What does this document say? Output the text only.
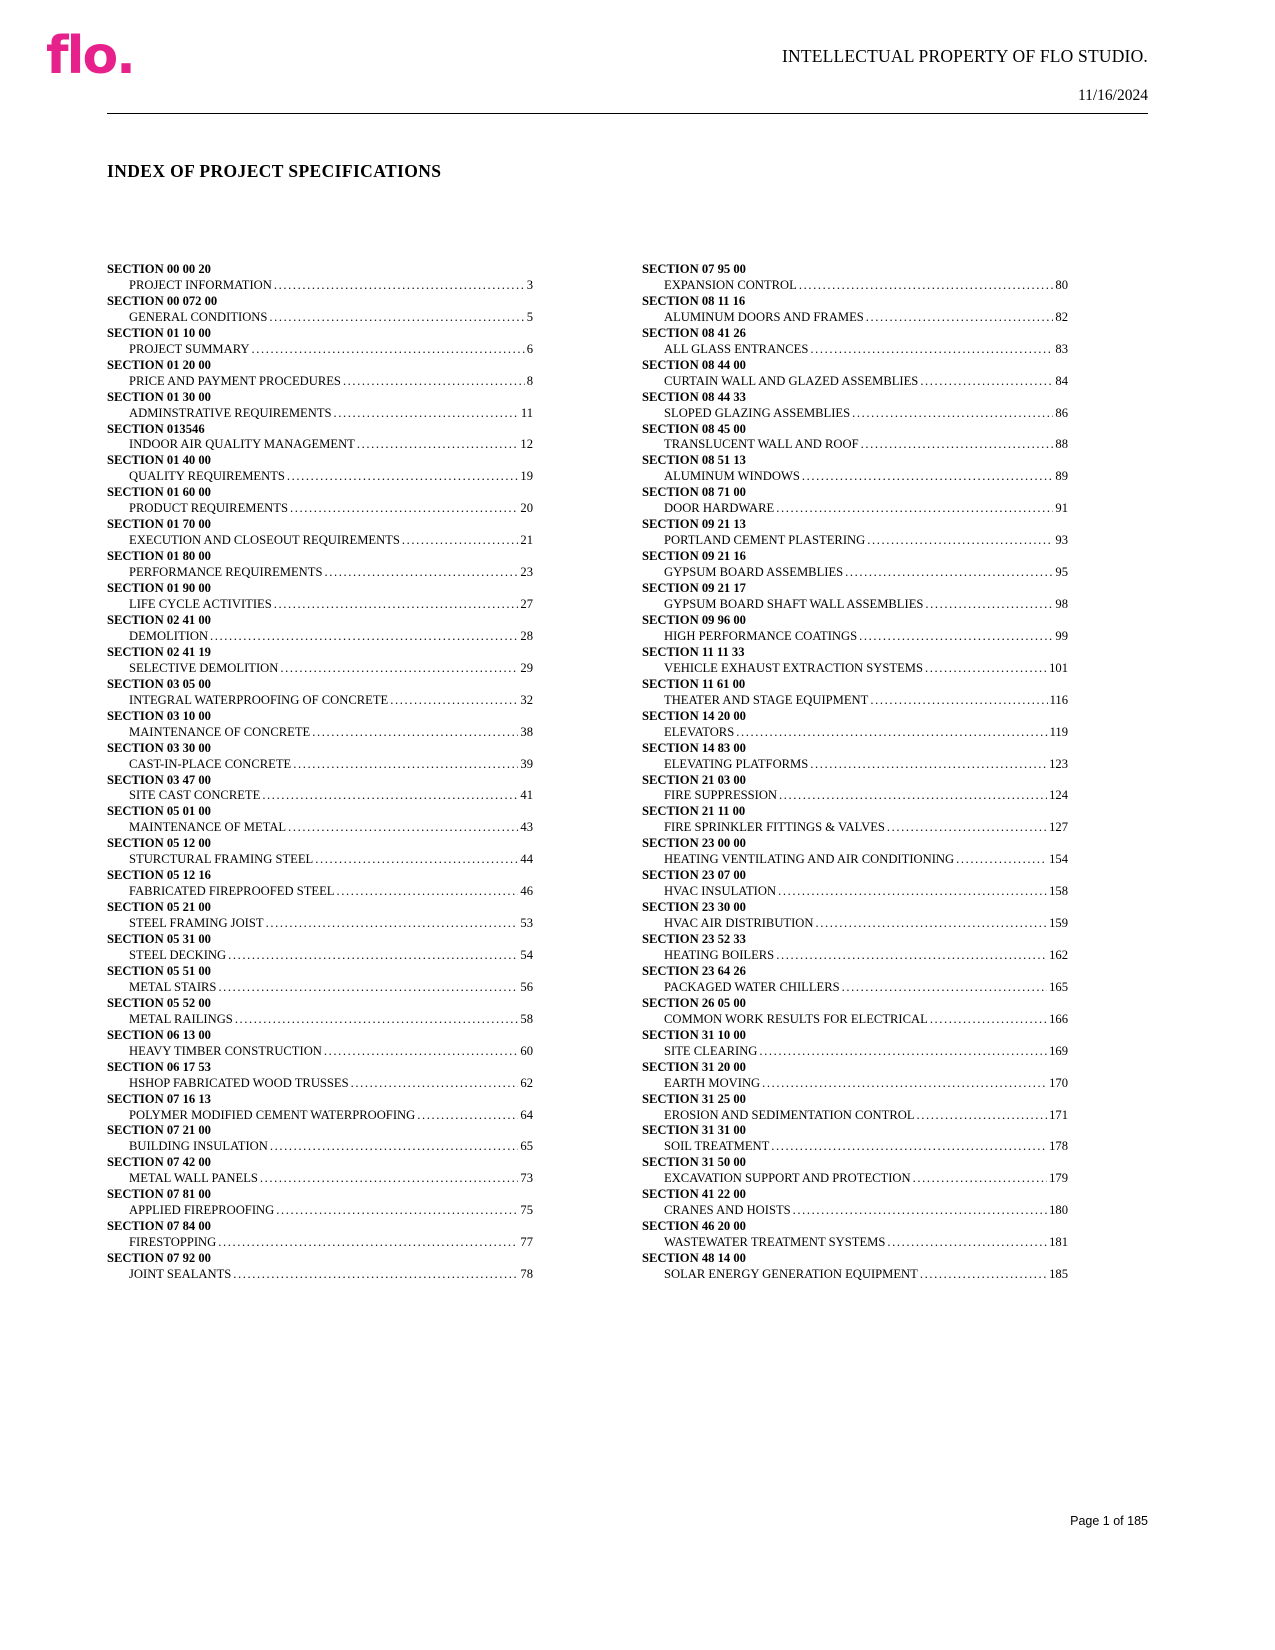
flo.	INTELLECTUAL PROPERTY OF FLO STUDIO.
11/16/2024
INDEX OF PROJECT SPECIFICATIONS
SECTION 00 00 20
PROJECT INFORMATION .....	3
SECTION 00 072 00
GENERAL CONDITIONS .....	5
SECTION 01 10 00
PROJECT SUMMARY .....	6
SECTION 01 20 00
PRICE AND PAYMENT PROCEDURES .....	8
SECTION 01 30 00
ADMINSTRATIVE REQUIREMENTS .....	11
SECTION 013546
INDOOR AIR QUALITY MANAGEMENT .....	12
SECTION 01 40 00
QUALITY REQUIREMENTS .....	19
SECTION 01 60 00
PRODUCT REQUIREMENTS .....	20
SECTION 01 70 00
EXECUTION AND CLOSEOUT REQUIREMENTS .....	21
SECTION 01 80 00
PERFORMANCE REQUIREMENTS .....	23
SECTION 01 90 00
LIFE CYCLE ACTIVITIES .....	27
SECTION 02 41 00
DEMOLITION .....	28
SECTION 02 41 19
SELECTIVE DEMOLITION .....	29
SECTION 03 05 00
INTEGRAL WATERPROOFING OF CONCRETE .....	32
SECTION 03 10 00
MAINTENANCE OF CONCRETE .....	38
SECTION 03 30 00
CAST-IN-PLACE CONCRETE .....	39
SECTION 03 47 00
SITE CAST CONCRETE .....	41
SECTION 05 01 00
MAINTENANCE OF METAL .....	43
SECTION 05 12 00
STURCTURAL FRAMING STEEL .....	44
SECTION 05 12 16
FABRICATED FIREPROOFED STEEL .....	46
SECTION 05 21 00
STEEL FRAMING JOIST .....	53
SECTION 05 31 00
STEEL DECKING .....	54
SECTION 05 51 00
METAL STAIRS .....	56
SECTION 05 52 00
METAL RAILINGS .....	58
SECTION 06 13 00
HEAVY TIMBER CONSTRUCTION .....	60
SECTION 06 17 53
HSHOP FABRICATED WOOD TRUSSES .....	62
SECTION 07 16 13
POLYMER MODIFIED CEMENT WATERPROOFING .....	64
SECTION 07 21 00
BUILDING INSULATION .....	65
SECTION 07 42 00
METAL WALL PANELS .....	73
SECTION 07 81 00
APPLIED FIREPROOFING .....	75
SECTION 07 84 00
FIRESTOPPING .....	77
SECTION 07 92 00
JOINT SEALANTS .....	78
SECTION 07 95 00
EXPANSION CONTROL .....	80
SECTION 08 11 16
ALUMINUM DOORS AND FRAMES .....	82
SECTION 08 41 26
ALL GLASS ENTRANCES .....	83
SECTION 08 44 00
CURTAIN WALL AND GLAZED ASSEMBLIES .....	84
SECTION 08 44 33
SLOPED GLAZING ASSEMBLIES .....	86
SECTION 08 45 00
TRANSLUCENT WALL AND ROOF .....	88
SECTION 08 51 13
ALUMINUM WINDOWS .....	89
SECTION 08 71 00
DOOR HARDWARE .....	91
SECTION 09 21 13
PORTLAND CEMENT PLASTERING .....	93
SECTION 09 21 16
GYPSUM BOARD ASSEMBLIES .....	95
SECTION 09 21 17
GYPSUM BOARD SHAFT WALL ASSEMBLIES .....	98
SECTION 09 96 00
HIGH PERFORMANCE COATINGS .....	99
SECTION 11 11 33
VEHICLE EXHAUST EXTRACTION SYSTEMS .....	101
SECTION 11 61 00
THEATER AND STAGE EQUIPMENT .....	116
SECTION 14 20 00
ELEVATORS .....	119
SECTION 14 83 00
ELEVATING PLATFORMS .....	123
SECTION 21 03 00
FIRE SUPPRESSION .....	124
SECTION 21 11 00
FIRE SPRINKLER FITTINGS & VALVES .....	127
SECTION 23 00 00
HEATING VENTILATING AND AIR CONDITIONING .....	154
SECTION 23 07 00
HVAC INSULATION .....	158
SECTION 23 30 00
HVAC AIR DISTRIBUTION .....	159
SECTION 23 52 33
HEATING BOILERS .....	162
SECTION 23 64 26
PACKAGED WATER CHILLERS .....	165
SECTION 26 05 00
COMMON WORK RESULTS FOR ELECTRICAL .....	166
SECTION 31 10 00
SITE CLEARING .....	169
SECTION 31 20 00
EARTH MOVING .....	170
SECTION 31 25 00
EROSION AND SEDIMENTATION CONTROL .....	171
SECTION 31 31 00
SOIL TREATMENT .....	178
SECTION 31 50 00
EXCAVATION SUPPORT AND PROTECTION .....	179
SECTION 41 22 00
CRANES AND HOISTS .....	180
SECTION 46 20 00
WASTEWATER TREATMENT SYSTEMS .....	181
SECTION 48 14 00
SOLAR ENERGY GENERATION EQUIPMENT .....	185
Page 1 of 185
